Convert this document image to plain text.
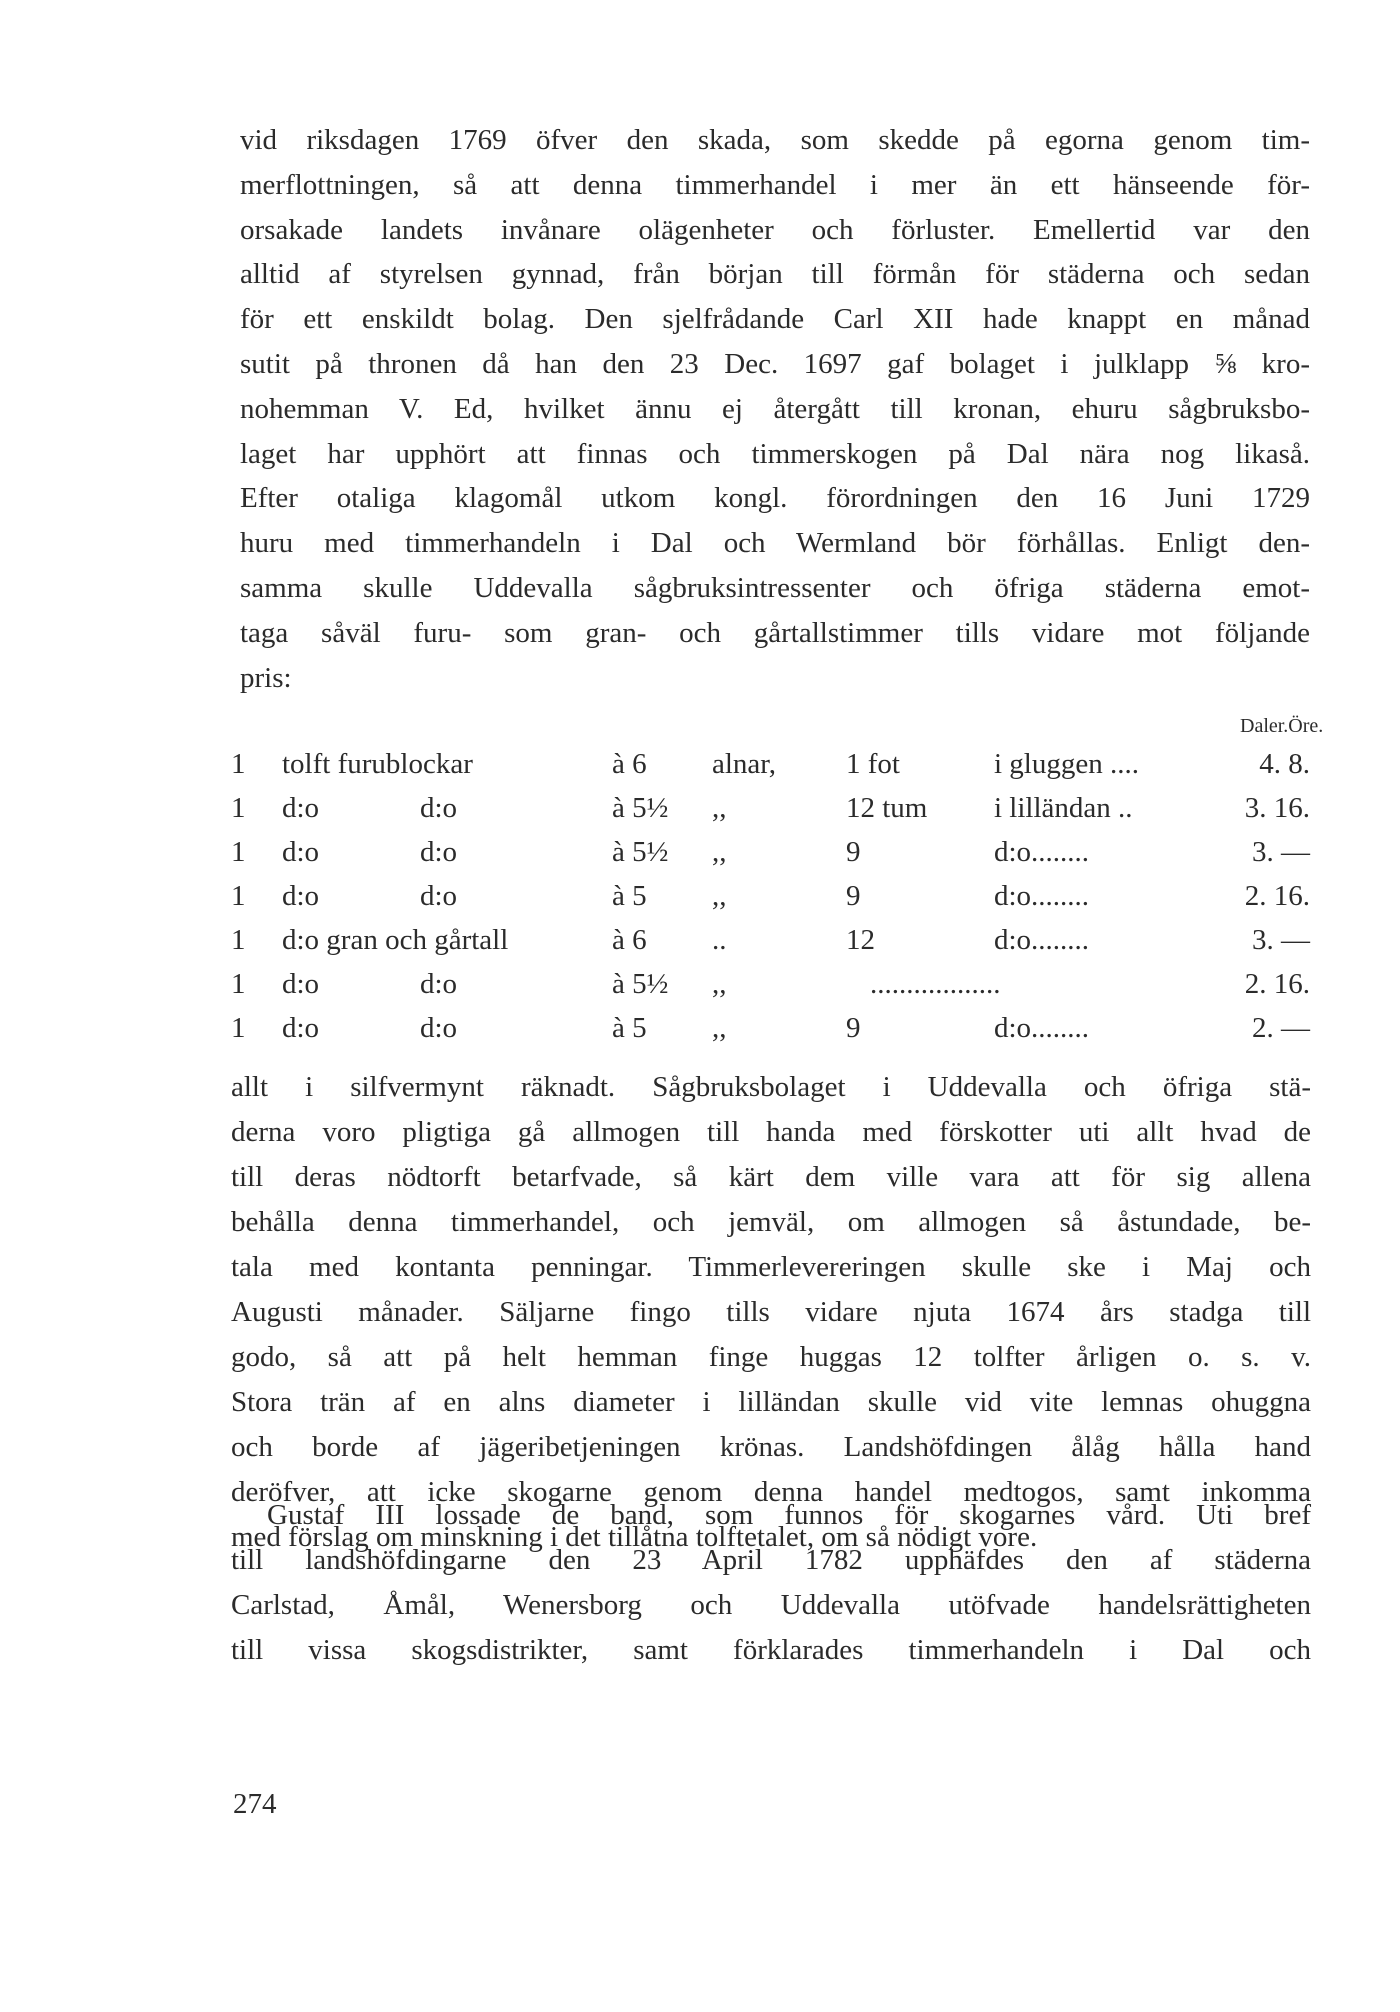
vid riksdagen 1769 öfver den skada, som skedde på egorna genom tim-
merflottningen, så att denna timmerhandel i mer än ett hänseende för-
orsakade landets invånare olägenheter och förluster. Emellertid var den
alltid af styrelsen gynnad, från början till förmån för städerna och sedan
för ett enskildt bolag. Den sjelfrådande Carl XII hade knappt en månad
sutit på thronen då han den 23 Dec. 1697 gaf bolaget i julklapp ⅝ kro-
nohemman V. Ed, hvilket ännu ej återgått till kronan, ehuru sågbruksbo-
laget har upphört att finnas och timmerskogen på Dal nära nog likaså.
Efter otaliga klagomål utkom kongl. förordningen den 16 Juni 1729
huru med timmerhandeln i Dal och Wermland bör förhållas. Enligt den-
samma skulle Uddevalla sågbruksintressenter och öfriga städerna emot-
taga såväl furu- som gran- och gårtallstimmer tills vidare mot följande
pris:
Daler.Öre.
1 tolft furublockar	à 6 alnar, 1 fot	i gluggen ....	4. 8.
1 d:o	d:o	à 5½ ,,	12 tum i lilländan ..	3. 16.
1 d:o	d:o	à 5½ ,,	9	d:o........	3. —
1 d:o	d:o	à 5 ,,	9	d:o........	2. 16.
1 d:o gran och gårtall	à 6 ..	12	d:o........	3. —
1 d:o	d:o	à 5½ ,,	..................	2. 16.
1 d:o	d:o	à 5 ,,	9	d:o........	2. —
allt i silfvermynt räknadt. Sågbruksbolaget i Uddevalla och öfriga stä-
derna voro pligtiga gå allmogen till handa med förskotter uti allt hvad de
till deras nödtorft betarfvade, så kärt dem ville vara att för sig allena
behålla denna timmerhandel, och jemväl, om allmogen så åstundade, be-
tala med kontanta penningar. Timmerlevereringen skulle ske i Maj och
Augusti månader. Säljarne fingo tills vidare njuta 1674 års stadga till
godo, så att på helt hemman finge huggas 12 tolfter årligen o. s. v.
Stora trän af en alns diameter i lilländan skulle vid vite lemnas ohuggna
och borde af jägeribetjeningen krönas. Landshöfdingen ålåg hålla hand
deröfver, att icke skogarne genom denna handel medtogos, samt inkomma
med förslag om minskning i det tillåtna tolftetalet, om så nödigt vore.
Gustaf III lossade de band, som funnos för skogarnes vård. Uti bref
till landshöfdingarne den 23 April 1782 upphäfdes den af städerna
Carlstad, Åmål, Wenersborg och Uddevalla utöfvade handelsrättigheten
till vissa skogsdistrikter, samt förklarades timmerhandeln i Dal och
274
